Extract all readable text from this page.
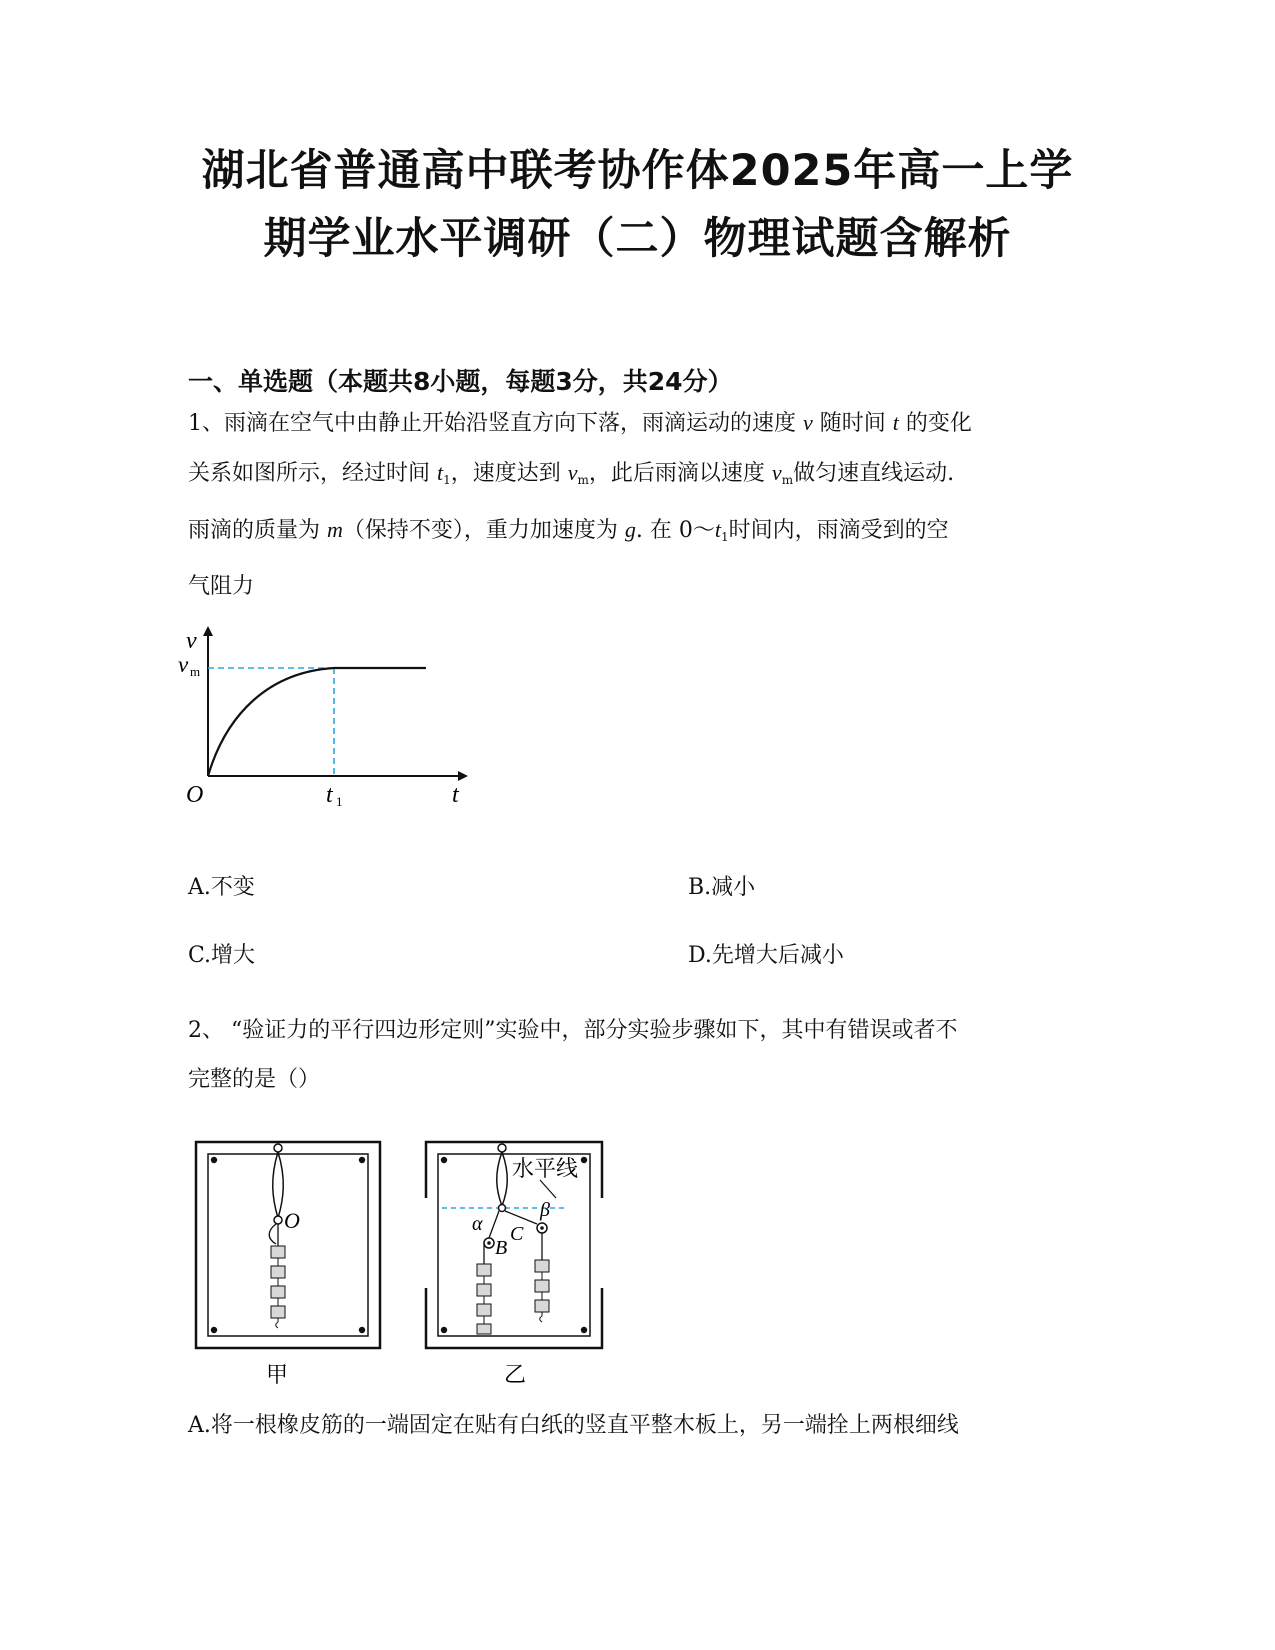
湖北省普通高中联考协作体2025年高一上学
期学业水平调研（二）物理试题含解析
一、单选题（本题共8小题，每题3分，共24分）
1、雨滴在空气中由静止开始沿竖直方向下落，雨滴运动的速度 v 随时间 t 的变化
关系如图所示，经过时间 $t_1$，速度达到 $v_m$，此后雨滴以速度 $v_m$做匀速直线运动.
雨滴的质量为 m（保持不变），重力加速度为 g. 在 $0\sim t_1$时间内，雨滴受到的空
气阻力
v
v m
O	t 1	t
A.不变	B.减小
C.增大	D.先增大后减小
2、 “验证力的平行四边形定则”实验中，部分实验步骤如下，其中有错误或者不
完整的是（）
O
甲
水平线
α
β
B
C
乙
A.将一根橡皮筋的一端固定在贴有白纸的竖直平整木板上，另一端拴上两根细线
